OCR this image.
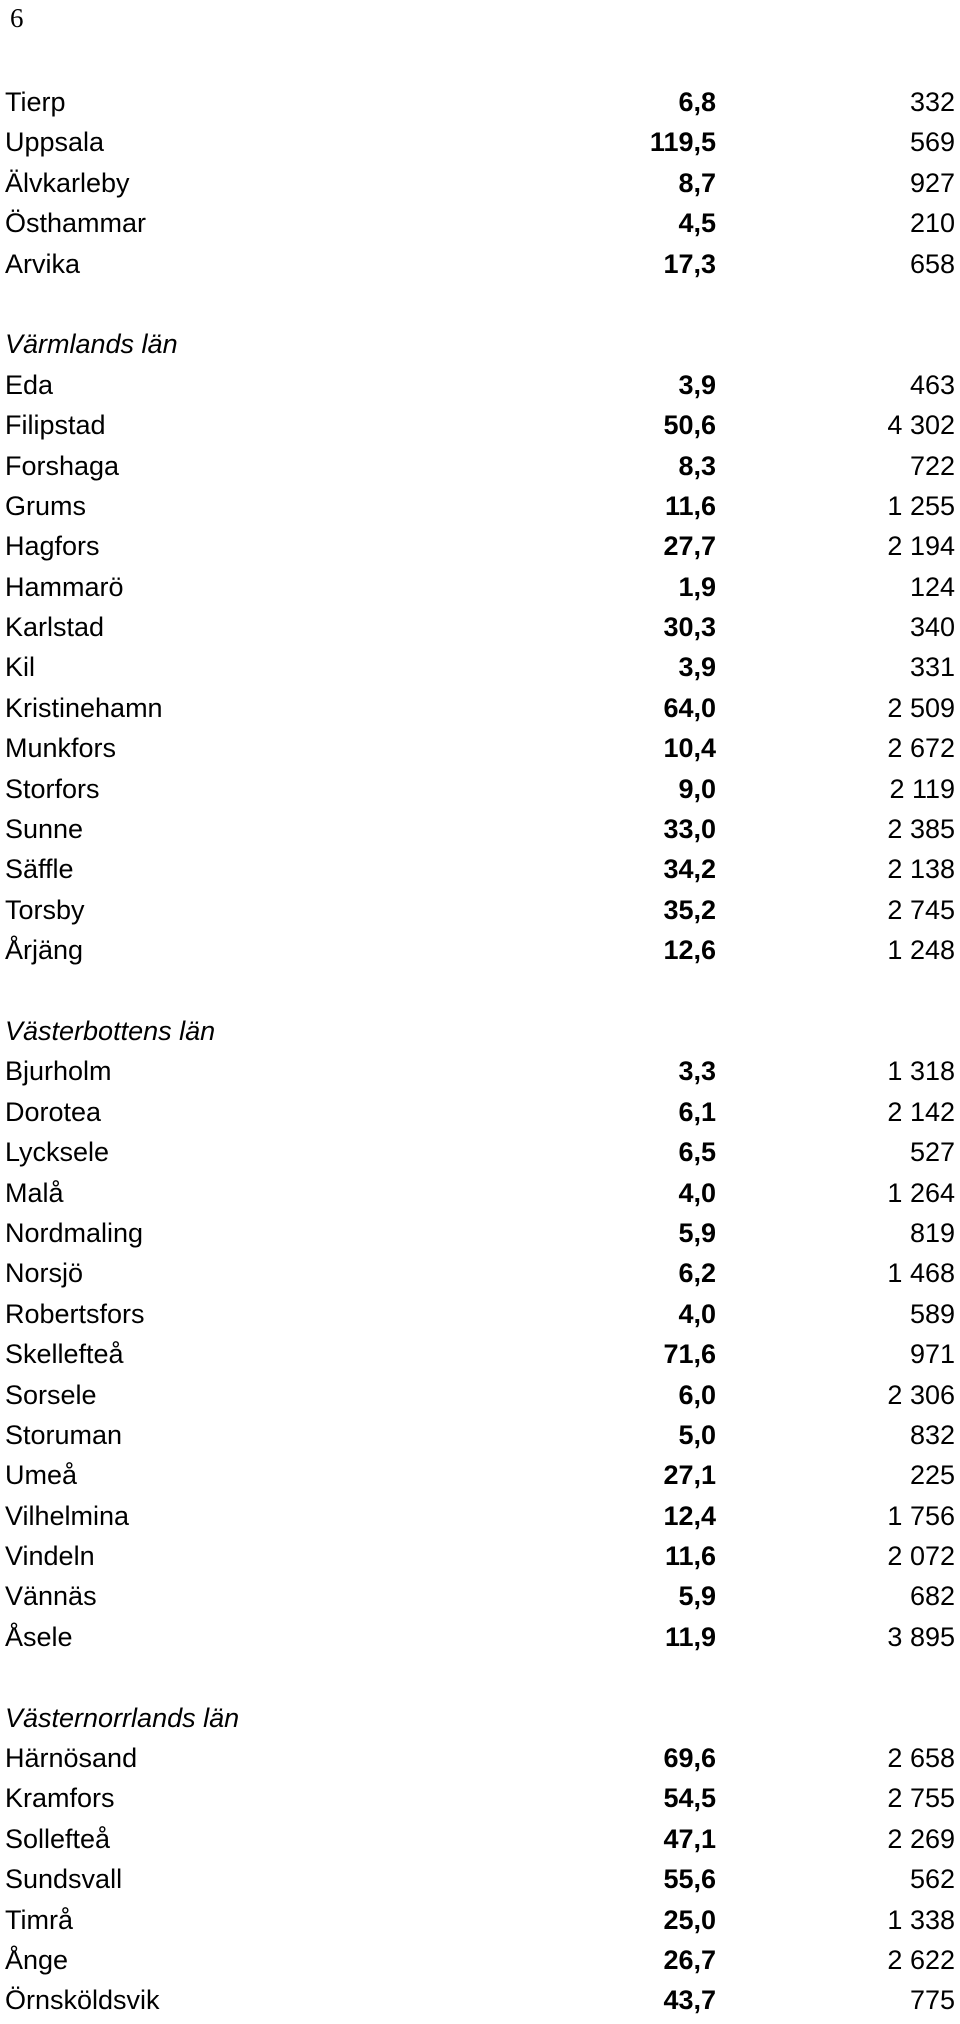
6
Tierp	6,8	332
Uppsala	119,5	569
Älvkarleby	8,7	927
Östhammar	4,5	210
Arvika	17,3	658
Värmlands län
Eda	3,9	463
Filipstad	50,6	4 302
Forshaga	8,3	722
Grums	11,6	1 255
Hagfors	27,7	2 194
Hammarö	1,9	124
Karlstad	30,3	340
Kil	3,9	331
Kristinehamn	64,0	2 509
Munkfors	10,4	2 672
Storfors	9,0	2 119
Sunne	33,0	2 385
Säffle	34,2	2 138
Torsby	35,2	2 745
Årjäng	12,6	1 248
Västerbottens län
Bjurholm	3,3	1 318
Dorotea	6,1	2 142
Lycksele	6,5	527
Malå	4,0	1 264
Nordmaling	5,9	819
Norsjö	6,2	1 468
Robertsfors	4,0	589
Skellefteå	71,6	971
Sorsele	6,0	2 306
Storuman	5,0	832
Umeå	27,1	225
Vilhelmina	12,4	1 756
Vindeln	11,6	2 072
Vännäs	5,9	682
Åsele	11,9	3 895
Västernorrlands län
Härnösand	69,6	2 658
Kramfors	54,5	2 755
Sollefteå	47,1	2 269
Sundsvall	55,6	562
Timrå	25,0	1 338
Ånge	26,7	2 622
Örnsköldsvik	43,7	775
